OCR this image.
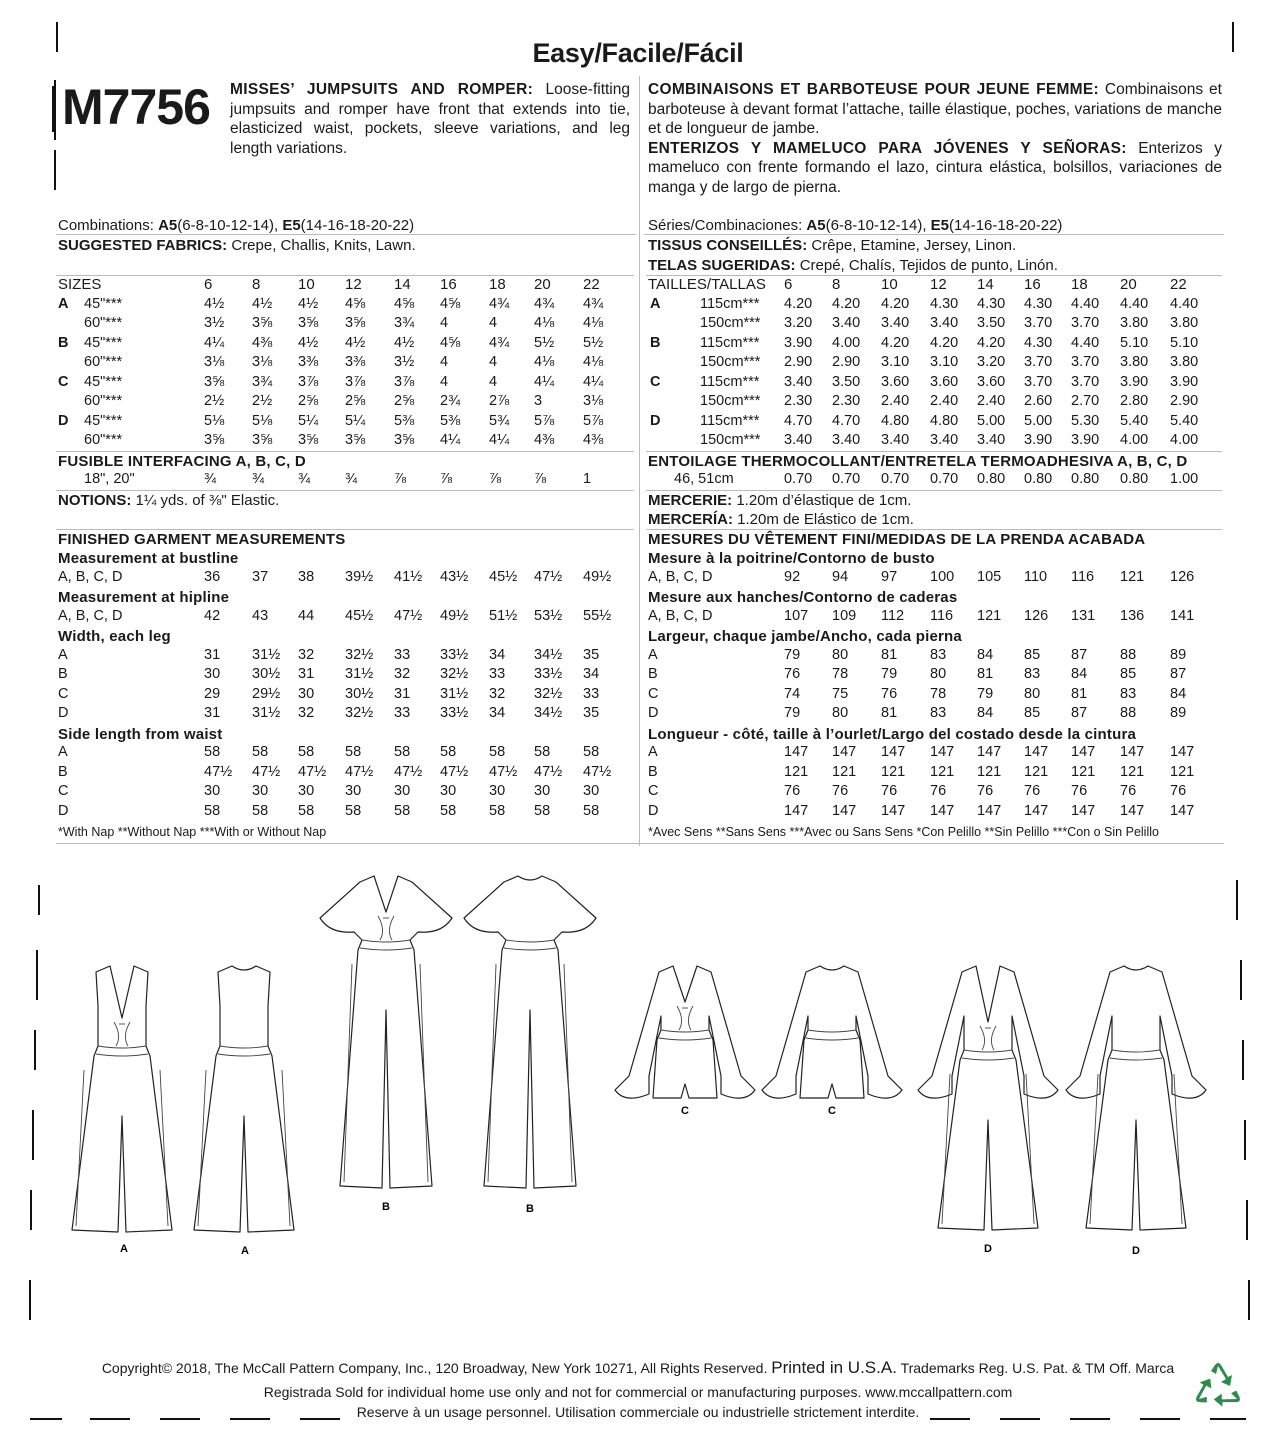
Easy/Facile/Fácil
M7756 MISSES’ JUMPSUITS AND ROMPER: Loose-fitting jumpsuits and romper have front that extends into tie, elasticized waist, pockets, sleeve variations, and leg length variations.
COMBINAISONS ET BARBOTEUSE POUR JEUNE FEMME: Combinaisons et barboteuse à devant format l’attache, taille élastique, poches, variations de manche et de longueur de jambe.
ENTERIZOS Y MAMELUCO PARA JÓVENES Y SEÑORAS: Enterizos y mameluco con frente formando el lazo, cintura elástica, bolsillos, variaciones de manga y de largo de pierna.
Combinations: A5(6-8-10-12-14), E5(14-16-18-20-22)
SUGGESTED FABRICS: Crepe, Challis, Knits, Lawn.
Séries/Combinaciones: A5(6-8-10-12-14), E5(14-16-18-20-22)
TISSUS CONSEILLÉS: Crêpe, Etamine, Jersey, Linon.
TELAS SUGERIDAS: Crepé, Chalís, Tejidos de punto, Linón.
A	A
B	B
C	C
D	D
Copyright© 2018, The McCall Pattern Company, Inc., 120 Broadway, New York 10271, All Rights Reserved. Printed in U.S.A. Trademarks Reg. U.S. Pat. & TM Off. Marca
Registrada Sold for individual home use only and not for commercial or manufacturing purposes. www.mccallpattern.com
Reserve à un usage personnel. Utilisation commerciale ou industrielle strictement interdite.
SIZES	6	8	10 12 14 16 18 20 22
A 45"***	4½ 4½ 4½ 4⅝ 4⅝ 4⅝ 4¾ 4¾ 4¾
60"***	3½ 3⅝ 3⅝ 3⅝ 3¾ 4	4	4⅛ 4⅛
B 45"***	4¼ 4⅜ 4½ 4½ 4½ 4⅝ 4¾ 5½ 5½
60"***	3⅛ 3⅛ 3⅜ 3⅜ 3½ 4	4	4⅛ 4⅛
C 45"***	3⅝ 3¾ 3⅞ 3⅞ 3⅞ 4	4	4¼ 4¼
60"***	2½ 2½ 2⅝ 2⅝ 2⅝ 2¾ 2⅞ 3	3⅛
D 45"***	5⅛ 5⅛ 5¼ 5¼ 5⅜ 5⅜ 5¾ 5⅞ 5⅞
60"***	3⅝ 3⅝ 3⅝ 3⅝ 3⅝ 4¼ 4¼ 4⅜ 4⅜
FUSIBLE INTERFACING A, B, C, D
18", 20"	¾ ¾ ¾ ¾	⅞ ⅞	⅞ ⅞	1
NOTIONS: 1¼ yds. of ⅜" Elastic.
FINISHED GARMENT MEASUREMENTS
Measurement at bustline
A, B, C, D	36 37 38 39½ 41½ 43½ 45½ 47½ 49½
Measurement at hipline
A, B, C, D	42 43 44 45½ 47½ 49½ 51½ 53½ 55½
Width, each leg
A	31 31½ 32 32½ 33 33½ 34 34½ 35
B	30 30½ 31 31½ 32 32½ 33 33½ 34
C	29 29½ 30 30½ 31 31½ 32 32½ 33
D	31 31½ 32 32½ 33 33½ 34 34½ 35
Side length from waist
A	58 58 58 58 58 58 58 58 58
B	47½ 47½ 47½ 47½ 47½ 47½ 47½ 47½ 47½
C	30 30 30 30 30 30 30 30 30
D	58 58 58 58 58 58 58 58 58
*With Nap **Without Nap ***With or Without Nap
TAILLES/TALLAS 6	8	10 12 14 16 18 20 22
A	115cm*** 4.20 4.20 4.20 4.30 4.30 4.30 4.40 4.40 4.40
150cm*** 3.20 3.40 3.40 3.40 3.50 3.70 3.70 3.80 3.80
B	115cm*** 3.90 4.00 4.20 4.20 4.20 4.30 4.40 5.10 5.10
150cm*** 2.90 2.90 3.10 3.10 3.20 3.70 3.70 3.80 3.80
C	115cm*** 3.40 3.50 3.60 3.60 3.60 3.70 3.70 3.90 3.90
150cm*** 2.30 2.30 2.40 2.40 2.40 2.60 2.70 2.80 2.90
D	115cm*** 4.70 4.70 4.80 4.80 5.00 5.00 5.30 5.40 5.40
150cm*** 3.40 3.40 3.40 3.40 3.40 3.90 3.90 4.00 4.00
ENTOILAGE THERMOCOLLANT/ENTRETELA TERMOADHESIVA A, B, C, D
46, 51cm	0.70 0.70 0.70 0.70 0.80 0.80 0.80 0.80 1.00
MERCERIE: 1.20m d’élastique de 1cm.
MERCERÍA: 1.20m de Elástico de 1cm.
MESURES DU VÊTEMENT FINI/MEDIDAS DE LA PRENDA ACABADA
Mesure à la poitrine/Contorno de busto
A, B, C, D	92 94 97 100 105 110 116 121 126
Mesure aux hanches/Contorno de caderas
A, B, C, D	107 109 112 116 121 126 131 136 141
Largeur, chaque jambe/Ancho, cada pierna
A	79 80 81 83 84 85 87 88 89
B	76 78 79 80 81 83 84 85 87
C	74 75 76 78 79 80 81 83 84
D	79 80 81 83 84 85 87 88 89
Longueur - côté, taille à l’ourlet/Largo del costado desde la cintura
A	147 147 147 147 147 147 147 147 147
B	121 121 121 121 121 121 121 121 121
C	76 76 76 76 76 76 76 76 76
D	147 147 147 147 147 147 147 147 147
*Avec Sens **Sans Sens ***Avec ou Sans Sens *Con Pelillo **Sin Pelillo ***Con o Sin Pelillo
